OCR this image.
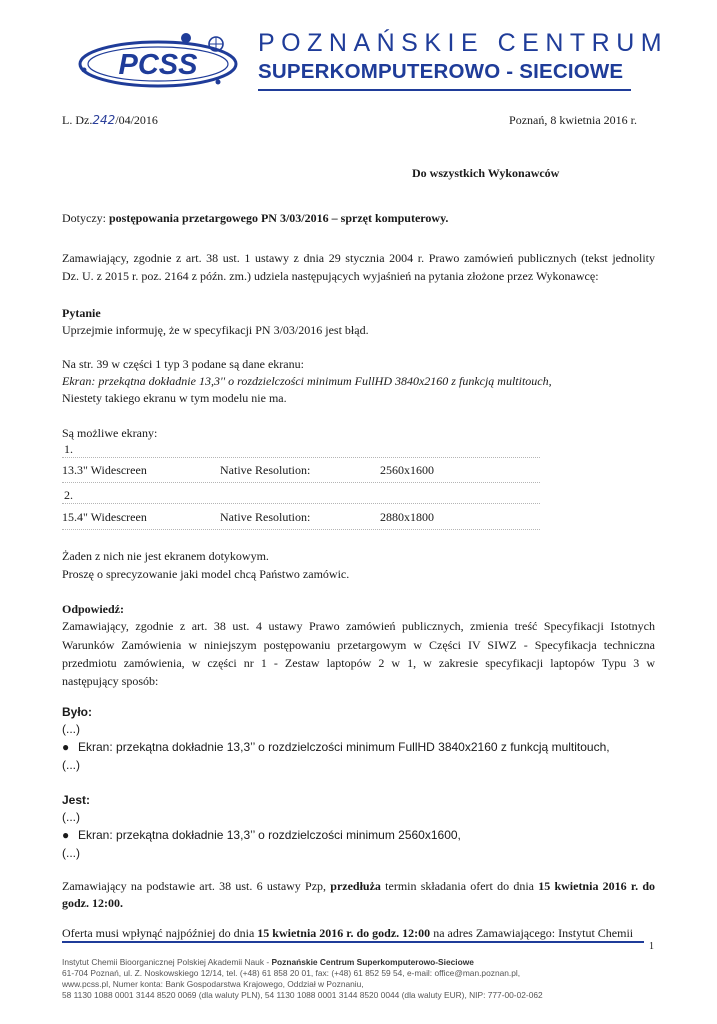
PCSS
POZNAŃSKIE CENTRUM
SUPERKOMPUTEROWO - SIECIOWE
L. Dz.242/04/2016	Poznań, 8 kwietnia 2016 r.
Do wszystkich Wykonawców
Dotyczy: postępowania przetargowego PN 3/03/2016 – sprzęt komputerowy.
Zamawiający, zgodnie z art. 38 ust. 1 ustawy z dnia 29 stycznia 2004 r. Prawo zamówień publicznych (tekst jednolity
Dz. U. z 2015 r. poz. 2164 z późn. zm.) udziela następujących wyjaśnień na pytania złożone przez Wykonawcę:
Pytanie
Uprzejmie informuję, że w specyfikacji PN 3/03/2016 jest błąd.
Na str. 39 w części 1 typ 3 podane są dane ekranu:
Ekran: przekątna dokładnie 13,3'' o rozdzielczości minimum FullHD 3840x2160 z funkcją multitouch,
Niestety takiego ekranu w tym modelu nie ma.
Są możliwe ekrany:
1.
13.3" Widescreen	Native Resolution:	2560x1600
2.
15.4" Widescreen	Native Resolution:	2880x1800
Żaden z nich nie jest ekranem dotykowym.
Proszę o sprecyzowanie jaki model chcą Państwo zamówic.
Odpowiedź:
Zamawiający, zgodnie z art. 38 ust. 4 ustawy Prawo zamówień publicznych, zmienia treść Specyfikacji Istotnych
Warunków Zamówienia w niniejszym postępowaniu przetargowym w Części IV SIWZ - Specyfikacja techniczna
przedmiotu zamówienia, w części nr 1 - Zestaw laptopów 2 w 1, w zakresie specyfikacji laptopów Typu 3 w
następujący sposób:
Było:
(...)
● Ekran: przekątna dokładnie 13,3’’ o rozdzielczości minimum FullHD 3840x2160 z funkcją multitouch,
(...)
Jest:
(...)
● Ekran: przekątna dokładnie 13,3’’ o rozdzielczości minimum 2560x1600,
(...)
Zamawiający na podstawie art. 38 ust. 6 ustawy Pzp, przedłuża termin składania ofert do dnia 15 kwietnia 2016 r. do
godz. 12:00.
Oferta musi wpłynąć najpóźniej do dnia 15 kwietnia 2016 r. do godz. 12:00 na adres Zamawiającego: Instytut Chemii
1
Instytut Chemii Bioorganicznej Polskiej Akademii Nauk - Poznańskie Centrum Superkomputerowo-Sieciowe
61-704 Poznań, ul. Z. Noskowskiego 12/14, tel. (+48) 61 858 20 01, fax: (+48) 61 852 59 54, e-mail: office@man.poznan.pl,
www.pcss.pl, Numer konta: Bank Gospodarstwa Krajowego, Oddział w Poznaniu,
58 1130 1088 0001 3144 8520 0069 (dla waluty PLN), 54 1130 1088 0001 3144 8520 0044 (dla waluty EUR), NIP: 777-00-02-062
